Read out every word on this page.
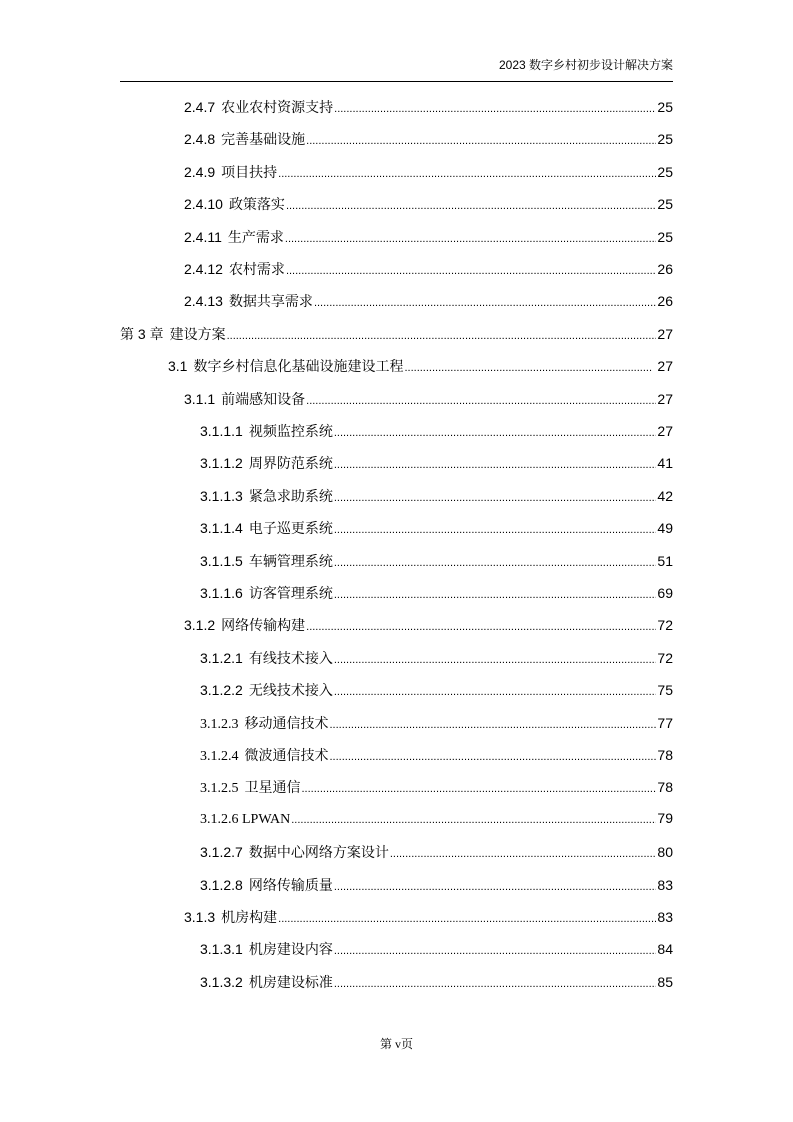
2023 数字乡村初步设计解决方案
2.4.7 农业农村资源支持 .....	25
2.4.8 完善基础设施 .....	25
2.4.9 项目扶持 .....	25
2.4.10 政策落实 .....	25
2.4.11 生产需求 .....	25
2.4.12 农村需求 .....	26
2.4.13 数据共享需求 .....	26
第 3 章 建设方案 .....	27
3.1 数字乡村信息化基础设施建设工程 .....	27
3.1.1 前端感知设备 .....	27
3.1.1.1 视频监控系统 .....	27
3.1.1.2 周界防范系统 .....	41
3.1.1.3 紧急求助系统 .....	42
3.1.1.4 电子巡更系统 .....	49
3.1.1.5 车辆管理系统 .....	51
3.1.1.6 访客管理系统 .....	69
3.1.2 网络传输构建 .....	72
3.1.2.1 有线技术接入 .....	72
3.1.2.2 无线技术接入 .....	75
3.1.2.3 移动通信技术 .....	77
3.1.2.4 微波通信技术 .....	78
3.1.2.5 卫星通信 .....	78
3.1.2.6 LPWAN .....	79
3.1.2.7 数据中心网络方案设计 .....	80
3.1.2.8 网络传输质量 .....	83
3.1.3 机房构建 .....	83
3.1.3.1 机房建设内容 .....	84
3.1.3.2 机房建设标准 .....	85
第 v页
